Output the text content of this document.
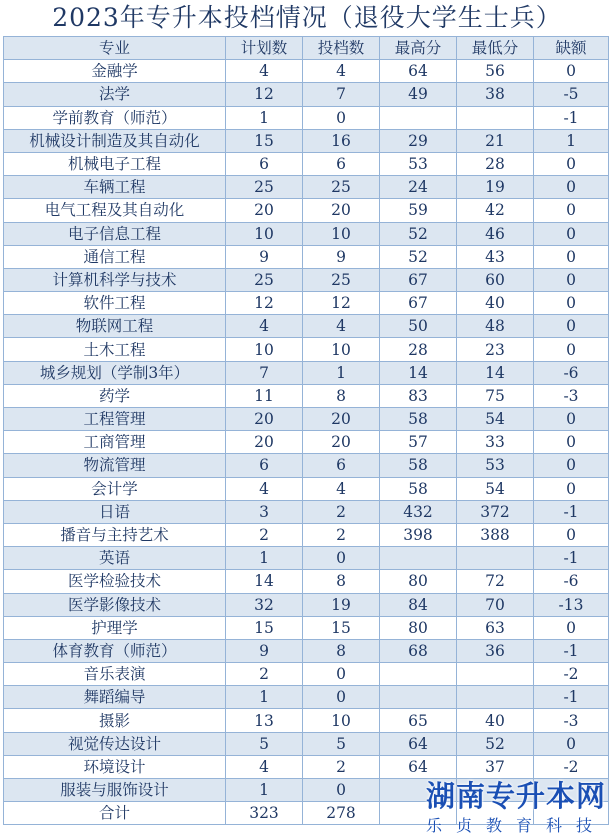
2023年专升本投档情况（退役大学生士兵）
专业	计划数	投档数	最高分	最低分	缺额
金融学	4	4	64	56	0
法学	12	7	49	38	-5
学前教育（师范）	1	0			-1
机械设计制造及其自动化	15	16	29	21	1
机械电子工程	6	6	53	28	0
车辆工程	25	25	24	19	0
电气工程及其自动化	20	20	59	42	0
电子信息工程	10	10	52	46	0
通信工程	9	9	52	43	0
计算机科学与技术	25	25	67	60	0
软件工程	12	12	67	40	0
物联网工程	4	4	50	48	0
土木工程	10	10	28	23	0
城乡规划（学制3年）	7	1	14	14	-6
药学	11	8	83	75	-3
工程管理	20	20	58	54	0
工商管理	20	20	57	33	0
物流管理	6	6	58	53	0
会计学	4	4	58	54	0
日语	3	2	432	372	-1
播音与主持艺术	2	2	398	388	0
英语	1	0			-1
医学检验技术	14	8	80	72	-6
医学影像技术	32	19	84	70	-13
护理学	15	15	80	63	0
体育教育（师范）	9	8	68	36	-1
音乐表演	2	0			-2
舞蹈编导	1	0			-1
摄影	13	10	65	40	-3
视觉传达设计	5	5	64	52	0
环境设计	4	2	64	37	-2
服装与服饰设计	1	0			
合计	323	278			
湖南专升本网
乐贞教育科技
